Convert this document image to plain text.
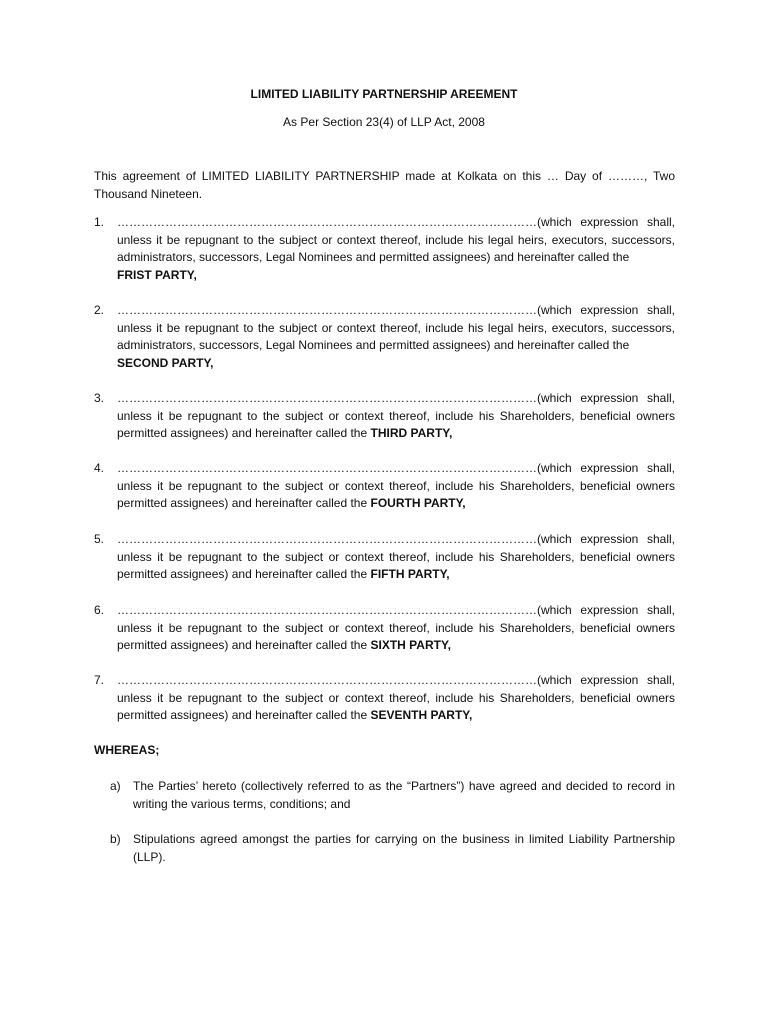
LIMITED LIABILITY PARTNERSHIP AREEMENT
As Per Section 23(4) of LLP Act, 2008
This agreement of LIMITED LIABILITY PARTNERSHIP made at Kolkata on this … Day of ………, Two Thousand Nineteen.
1. ……………………………………………………………………………………………(which expression shall, unless it be repugnant to the subject or context thereof, include his legal heirs, executors, successors, administrators, successors, Legal Nominees and permitted assignees) and hereinafter called the
FRIST PARTY,
2. ……………………………………………………………………………………………(which expression shall, unless it be repugnant to the subject or context thereof, include his legal heirs, executors, successors, administrators, successors, Legal Nominees and permitted assignees) and hereinafter called the
SECOND PARTY,
3. ……………………………………………………………………………………………(which expression shall, unless it be repugnant to the subject or context thereof, include his Shareholders, beneficial owners permitted assignees) and hereinafter called the THIRD PARTY,
4. ……………………………………………………………………………………………(which expression shall, unless it be repugnant to the subject or context thereof, include his Shareholders, beneficial owners permitted assignees) and hereinafter called the FOURTH PARTY,
5. ……………………………………………………………………………………………(which expression shall, unless it be repugnant to the subject or context thereof, include his Shareholders, beneficial owners permitted assignees) and hereinafter called the FIFTH PARTY,
6. ……………………………………………………………………………………………(which expression shall, unless it be repugnant to the subject or context thereof, include his Shareholders, beneficial owners permitted assignees) and hereinafter called the SIXTH PARTY,
7. ……………………………………………………………………………………………(which expression shall, unless it be repugnant to the subject or context thereof, include his Shareholders, beneficial owners permitted assignees) and hereinafter called the SEVENTH PARTY,
WHEREAS;
a) The Parties’ hereto (collectively referred to as the “Partners”) have agreed and decided to record in writing the various terms, conditions; and
b) Stipulations agreed amongst the parties for carrying on the business in limited Liability Partnership (LLP).
